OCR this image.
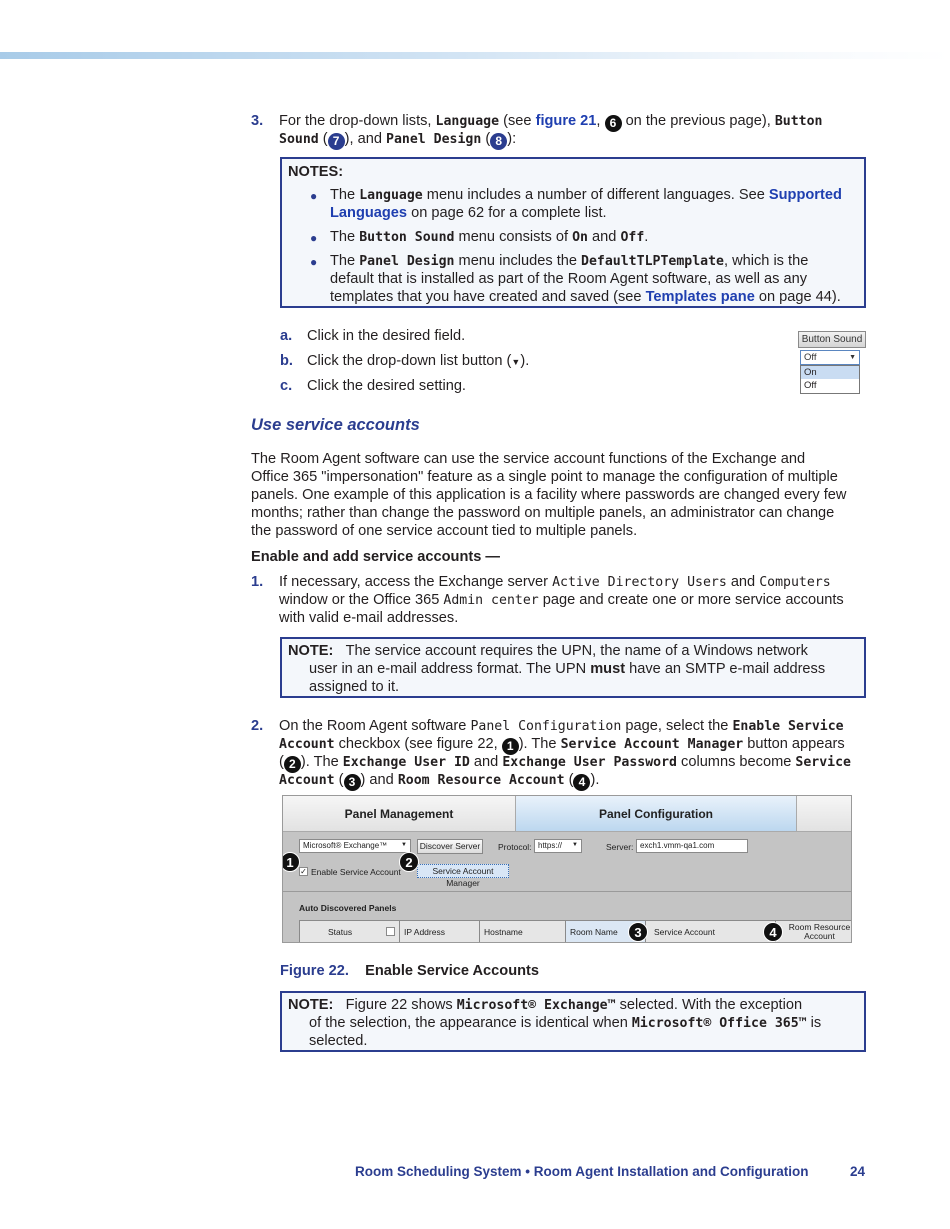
3. For the drop-down lists, Language (see figure 21, 6 on the previous page), Button
Sound ( 7 ), and Panel Design ( 8 ):
NOTES:
● The Language menu includes a number of different languages. See Supported
Languages on page 62 for a complete list.
● The Button Sound menu consists of On and Off.
● The Panel Design menu includes the DefaultTLPTemplate, which is the
default that is installed as part of the Room Agent software, as well as any
templates that you have created and saved (see Templates pane on page 44).
a. Click in the desired field.
b. Click the drop-down list button (▼).
c. Click the desired setting.
Button Sound
Off	▼
On
Off
Use service accounts
The Room Agent software can use the service account functions of the Exchange and
Office 365 "impersonation" feature as a single point to manage the configuration of multiple
panels. One example of this application is a facility where passwords are changed every few
months; rather than change the password on multiple panels, an administrator can change
the password of one service account tied to multiple panels.
Enable and add service accounts —
1. If necessary, access the Exchange server Active Directory Users and Computers
window or the Office 365 Admin center page and create one or more service accounts
with valid e-mail addresses.
NOTE: The service account requires the UPN, the name of a Windows network
user in an e-mail address format. The UPN must have an SMTP e-mail address
assigned to it.
2. On the Room Agent software Panel Configuration page, select the Enable Service
Account checkbox (see figure 22, 1 ). The Service Account Manager button appears
( 2 ). The Exchange User ID and Exchange User Password columns become Service
Account ( 3 ) and Room Resource Account ( 4 ).
Panel Management	Panel Configuration
Microsoft® Exchange™ ▼	Discover Server	Protocol: https:// ▼	Server: exch1.vmm-qa1.com
✓ Enable Service Account	Service Account Manager
Auto Discovered Panels
Status	IP Address	Hostname	Room Name	Service Account	Room Resource Account
1	2
3	4
Figure 22. Enable Service Accounts
NOTE: Figure 22 shows Microsoft® Exchange™ selected. With the exception
of the selection, the appearance is identical when Microsoft® Office 365™ is
selected.
Room Scheduling System • Room Agent Installation and Configuration	24
